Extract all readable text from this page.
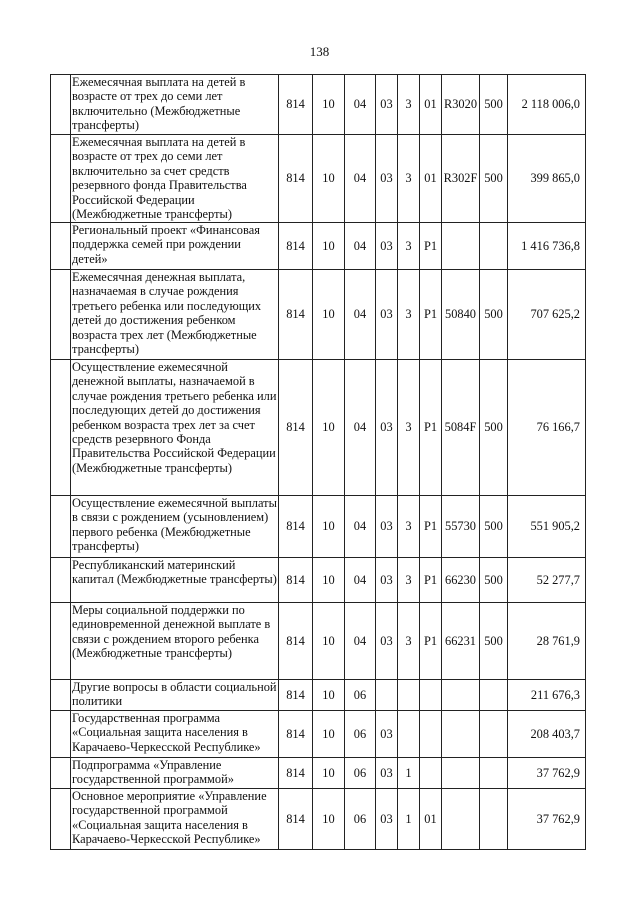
138
	Ежемесячная выплата на детей в возрасте от трех до семи лет включительно (Межбюджетные трансферты)	814	10	04	03	3	01	R3020	500	2 118 006,0
	Ежемесячная выплата на детей в возрасте от трех до семи лет включительно за счет средств резервного фонда Правительства Российской Федерации (Межбюджетные трансферты)	814	10	04	03	3	01	R302F	500	399 865,0
	Региональный проект «Финансовая поддержка семей при рождении детей»	814	10	04	03	3	P1			1 416 736,8
	Ежемесячная денежная выплата, назначаемая в случае рождения третьего ребенка или последующих детей до достижения ребенком возраста трех лет (Межбюджетные трансферты)	814	10	04	03	3	P1	50840	500	707 625,2
	Осуществление ежемесячной денежной выплаты, назначаемой в случае рождения третьего ребенка или последующих детей до достижения ребенком возраста трех лет за счет средств резервного Фонда Правительства Российской Федерации (Межбюджетные трансферты)	814	10	04	03	3	P1	5084F	500	76 166,7
	Осуществление ежемесячной выплаты в связи с рождением (усыновлением) первого ребенка (Межбюджетные трансферты)	814	10	04	03	3	P1	55730	500	551 905,2
	Республиканский материнский капитал (Межбюджетные трансферты)	814	10	04	03	3	P1	66230	500	52 277,7
	Меры социальной поддержки по единовременной денежной выплате в связи с рождением второго ребенка (Межбюджетные трансферты)	814	10	04	03	3	P1	66231	500	28 761,9
	Другие вопросы в области социальной политики	814	10	06						211 676,3
	Государственная программа «Социальная защита населения в Карачаево-Черкесской Республике»	814	10	06	03					208 403,7
	Подпрограмма «Управление государственной программой»	814	10	06	03	1				37 762,9
	Основное мероприятие «Управление государственной программой «Социальная защита населения в Карачаево-Черкесской Республике»	814	10	06	03	1	01			37 762,9
